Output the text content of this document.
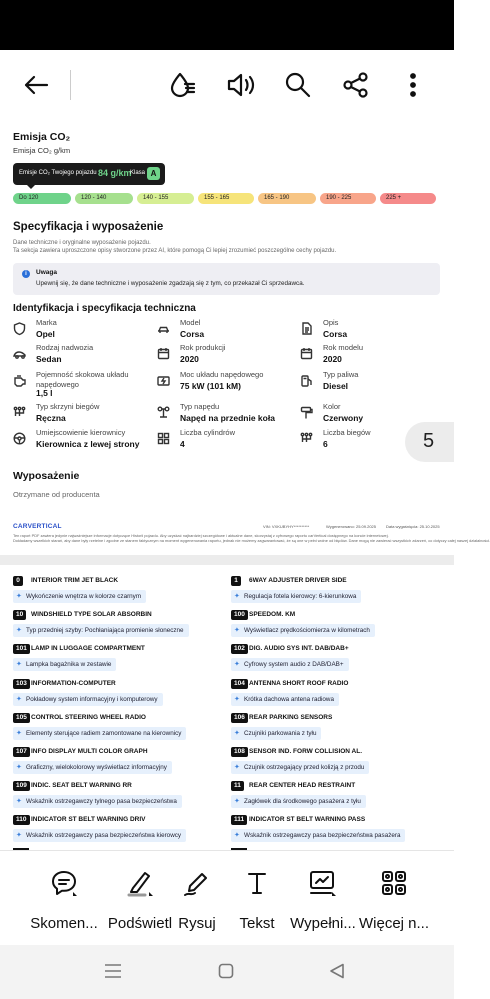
Emisja CO₂
Emisja CO₂ g/km
Emisje CO₂ Twojego pojazdu 84 g/km
Klasa A
Do 120	120 - 140	140 - 155	155 - 165	165 - 190	190 - 225	225 +
Specyfikacja i wyposażenie
Dane techniczne i oryginalne wyposażenie pojazdu.
Ta sekcja zawiera uproszczone opisy stworzone przez AI, które pomogą Ci lepiej zrozumieć poszczególne cechy pojazdu.
i	Uwaga
Upewnij się, że dane techniczne i wyposażenie zgadzają się z tym, co przekazał Ci sprzedawca.
Identyfikacja i specyfikacja techniczna
Marka
Opel
Model
Corsa
Opis
Corsa
Rodzaj nadwozia
Sedan
Rok produkcji
2020
Rok modelu
2020
Pojemność skokowa układu napędowego
1,5 l
Moc układu napędowego
75 kW (101 kM)
Typ paliwa
Diesel
Typ skrzyni biegów
Ręczna
Typ napędu
Napęd na przednie koła
Kolor
Czerwony
Umiejscowienie kierownicy
Kierownica z lewej strony
Liczba cylindrów
4
Liczba biegów
6	5
Wyposażenie
Otrzymane od producenta
CARVERTICAL	VIN: VXKUBYHY**********	Wygenerowano: 25.09.2025	Data wygaśnięcia: 25.10.2025
Ten raport PDF zawiera jedynie najważniejsze informacje dotyczące Historii pojazdu. Aby uzyskać najbardziej szczegółowe i aktualne dane, skorzystaj z cyfrowego raportu carVertical dostępnego na koncie internetowej.
Dokładamy wszelkich starań, aby dane były rzetelne i zgodne ze stanem faktycznym na moment wygenerowania raportu, jednak nie możemy zagwarantować, że są one w pełni wolne od błędów. Dane mogą nie zawierać wszystkich zdarzeń, co dotyczy całej naszej działalności.
0	INTERIOR TRIM JET BLACK
✦ Wykończenie wnętrza w kolorze czarnym
1	6WAY ADJUSTER DRIVER SIDE
✦ Regulacja fotela kierowcy: 6-kierunkowa
10	WINDSHIELD TYPE SOLAR ABSORBIN
✦ Typ przedniej szyby: Pochłaniająca promienie słoneczne
100 SPEEDOM. KM
✦ Wyświetlacz prędkościomierza w kilometrach
101 LAMP IN LUGGAGE COMPARTMENT
✦ Lampka bagażnika w zestawie
102 DIG. AUDIO SYS INT. DAB/DAB+
✦ Cyfrowy system audio z DAB/DAB+
103 INFORMATION-COMPUTER
✦ Pokładowy system informacyjny i komputerowy
104 ANTENNA SHORT ROOF RADIO
✦ Krótka dachowa antena radiowa
105 CONTROL STEERING WHEEL RADIO
✦ Elementy sterujące radiem zamontowane na kierownicy
106 REAR PARKING SENSORS
✦ Czujniki parkowania z tyłu
107 INFO DISPLAY MULTI COLOR GRAPH
✦ Graficzny, wielokolorowy wyświetlacz informacyjny
108 SENSOR IND. FORW COLLISION AL.
✦ Czujnik ostrzegający przed kolizją z przodu
109 INDIC. SEAT BELT WARNING RR
✦ Wskaźnik ostrzegawczy tylnego pasa bezpieczeństwa
11	REAR CENTER HEAD RESTRAINT
✦ Zagłówek dla środkowego pasażera z tyłu
110 INDICATOR ST BELT WARNING DRIV
✦ Wskaźnik ostrzegawczy pasa bezpieczeństwa kierowcy
111 INDICATOR ST BELT WARNING PASS
✦ Wskaźnik ostrzegawczy pasa bezpieczeństwa pasażera
Skomen... Podświetl Rysuj	Tekst	Wypełni... Więcej n...
